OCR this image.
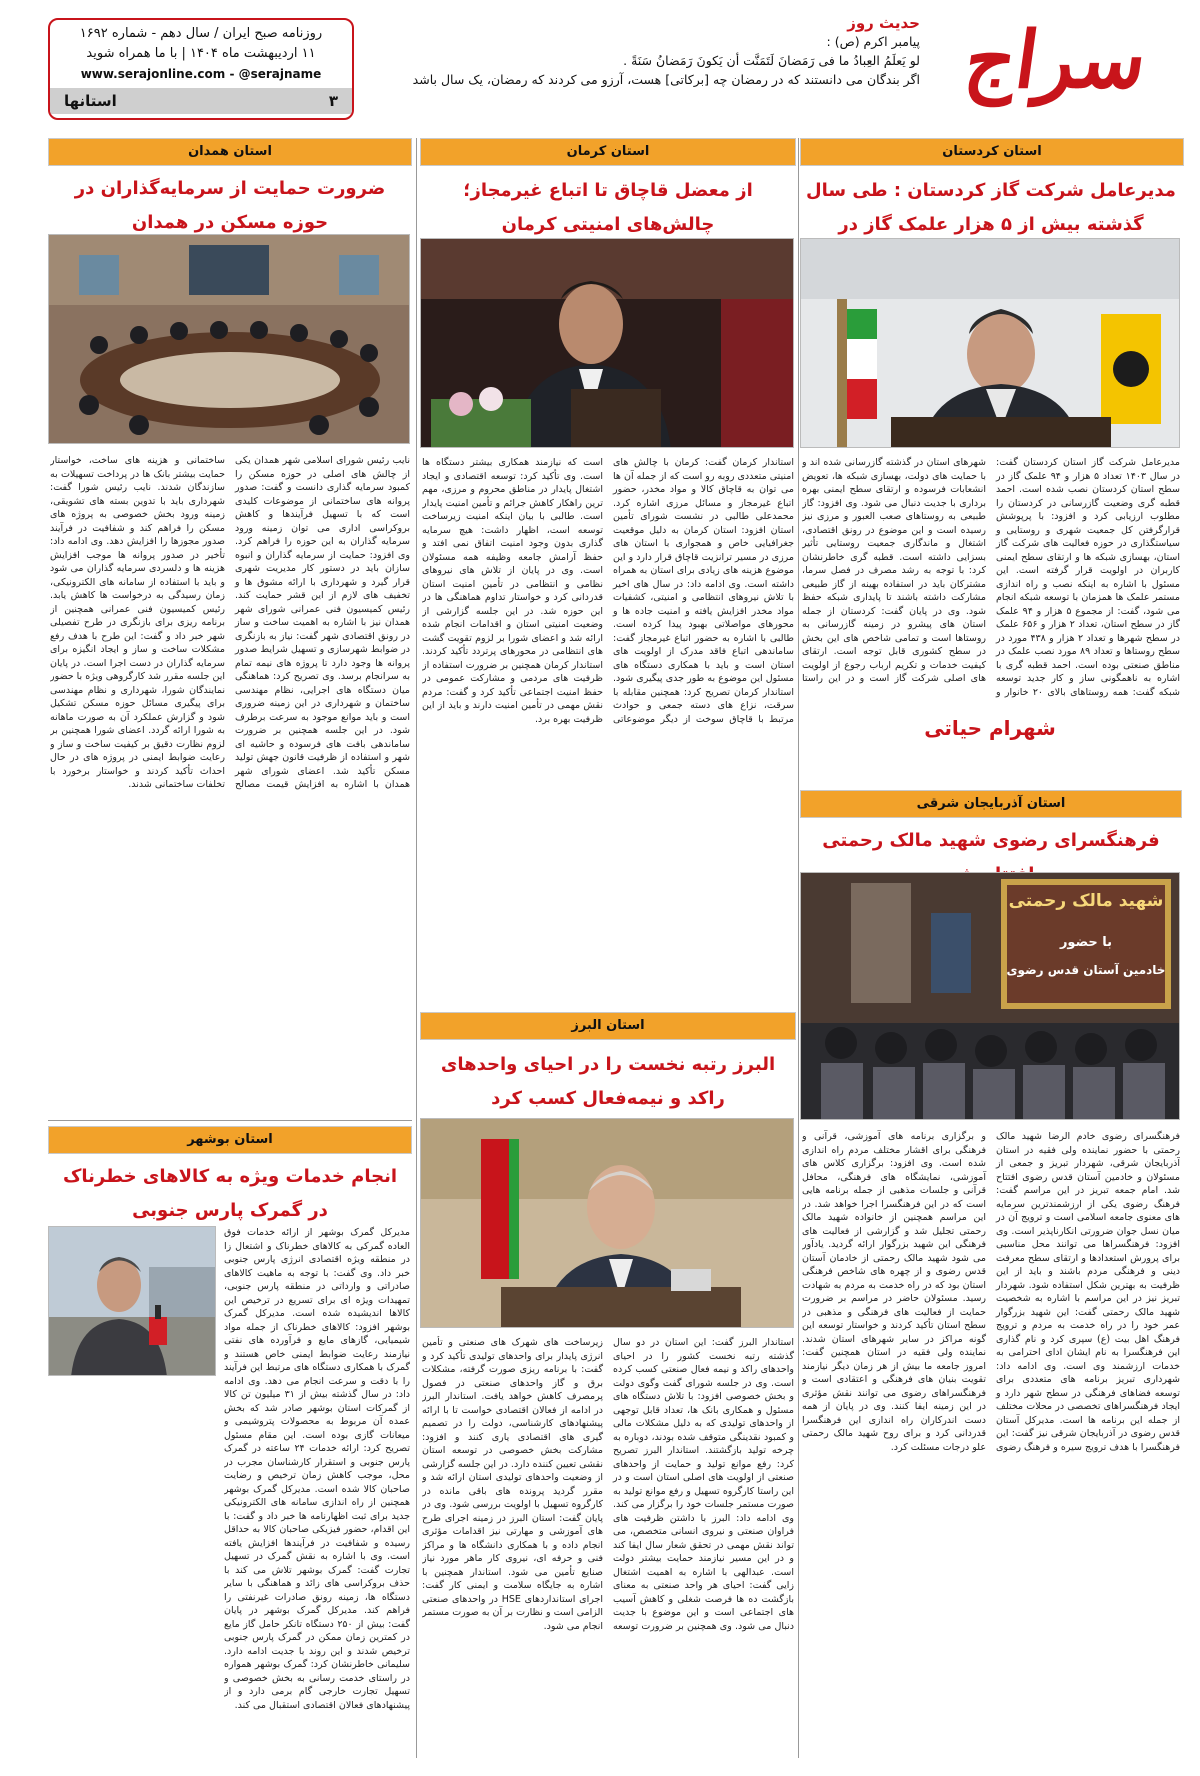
سراج
حدیث روز
پیامبر اکرم (ص) :
لو یَعلَمُ العِبادُ ما فی رَمَضانَ لَتَمَنَّت أن یَکونَ رَمَضانُ سَنَةً .
اگر بندگان می دانستند که در رمضان چه [برکاتی] هست، آرزو می کردند که رمضان، یک سال باشد
روزنامه صبح ایران / سال دهم - شماره ۱۶۹۲
۱۱ اردیبهشت ماه ۱۴۰۴ | با ما همراه شوید
www.serajonline.com - @serajname
استانها	۳
استان کردستان
مدیرعامل شرکت گاز کردستان : طی سال گذشته بیش از ۵ هزار علمک گاز در
مدیرعامل شرکت گاز استان کردستان گفت: در سال ۱۴۰۳ تعداد ۵ هزار و ۹۴ علمک گاز در سطح استان کردستان نصب شده است. احمد قطبه گری وضعیت گازرسانی در کردستان را مطلوب ارزیابی کرد و افزود: با پرپوشش قرارگرفتن کل جمعیت شهری و روستایی و سیاستگذاری در حوزه فعالیت های شرکت گاز استان، بهسازی شبکه ها و ارتقای سطح ایمنی کاربران در اولویت قرار گرفته است. این مسئول با اشاره به اینکه نصب و راه اندازی مستمر علمک ها همزمان با توسعه شبکه انجام می شود، گفت: از مجموع ۵ هزار و ۹۴ علمک گاز در سطح استان، تعداد ۲ هزار و ۶۵۶ علمک در سطح شهرها و تعداد ۲ هزار و ۴۳۸ مورد در سطح روستاها و تعداد ۸۹ مورد نصب علمک در مناطق صنعتی بوده است. احمد قطبه گری با اشاره به ناهمگونی ساز و کار جدید توسعه شبکه گفت: همه روستاهای بالای ۲۰ خانوار و شهرهای استان در گذشته گازرسانی شده اند و با حمایت های دولت، بهسازی شبکه ها، تعویض انشعابات فرسوده و ارتقای سطح ایمنی بهره برداری با جدیت دنبال می شود. وی افزود: گاز طبیعی به روستاهای صعب العبور و مرزی نیز رسیده است و این موضوع در رونق اقتصادی، اشتغال و ماندگاری جمعیت روستایی تأثیر بسزایی داشته است. قطبه گری خاطرنشان کرد: با توجه به رشد مصرف در فصل سرما، مشترکان باید در استفاده بهینه از گاز طبیعی مشارکت داشته باشند تا پایداری شبکه حفظ شود. وی در پایان گفت: کردستان از جمله استان های پیشرو در زمینه گازرسانی به روستاها است و تمامی شاخص های این بخش در سطح کشوری قابل توجه است. ارتقای کیفیت خدمات و تکریم ارباب رجوع از اولویت های اصلی شرکت گاز است و در این راستا
شهرام حیاتی
استان آذربایجان شرقی
فرهنگسرای رضوی شهید مالک رحمتی
شهید مالک رحمتی
با حضور
خادمین آستان قدس رضوی
فرهنگسرای رضوی خادم الرضا شهید مالک رحمتی با حضور نماینده ولی فقیه در استان آذربایجان شرقی، شهردار تبریز و جمعی از مسئولان و خادمین آستان قدس رضوی افتتاح شد. امام جمعه تبریز در این مراسم گفت: فرهنگ رضوی یکی از ارزشمندترین سرمایه های معنوی جامعه اسلامی است و ترویج آن در میان نسل جوان ضرورتی انکارناپذیر است. وی افزود: فرهنگسراها می توانند محل مناسبی برای پرورش استعدادها و ارتقای سطح معرفت دینی و فرهنگی مردم باشند و باید از این ظرفیت به بهترین شکل استفاده شود. شهردار تبریز نیز در این مراسم با اشاره به شخصیت شهید مالک رحمتی گفت: این شهید بزرگوار عمر خود را در راه خدمت به مردم و ترویج فرهنگ اهل بیت (ع) سپری کرد و نام گذاری این فرهنگسرا به نام ایشان ادای احترامی به خدمات ارزشمند وی است. وی ادامه داد: شهرداری تبریز برنامه های متعددی برای توسعه فضاهای فرهنگی در سطح شهر دارد و ایجاد فرهنگسراهای تخصصی در محلات مختلف از جمله این برنامه ها است. مدیرکل آستان قدس رضوی در آذربایجان شرقی نیز گفت: این فرهنگسرا با هدف ترویج سیره و فرهنگ رضوی و برگزاری برنامه های آموزشی، قرآنی و فرهنگی برای اقشار مختلف مردم راه اندازی شده است. وی افزود: برگزاری کلاس های آموزشی، نمایشگاه های فرهنگی، محافل قرآنی و جلسات مذهبی از جمله برنامه هایی است که در این فرهنگسرا اجرا خواهد شد. در این مراسم همچنین از خانواده شهید مالک رحمتی تجلیل شد و گزارشی از فعالیت های فرهنگی این شهید بزرگوار ارائه گردید. یادآور می شود شهید مالک رحمتی از خادمان آستان قدس رضوی و از چهره های شاخص فرهنگی استان بود که در راه خدمت به مردم به شهادت رسید. مسئولان حاضر در مراسم بر ضرورت حمایت از فعالیت های فرهنگی و مذهبی در سطح استان تأکید کردند و خواستار توسعه این گونه مراکز در سایر شهرهای استان شدند. نماینده ولی فقیه در استان همچنین گفت: امروز جامعه ما بیش از هر زمان دیگر نیازمند تقویت بنیان های فرهنگی و اعتقادی است و فرهنگسراهای رضوی می توانند نقش مؤثری در این زمینه ایفا کنند. وی در پایان از همه دست اندرکاران راه اندازی این فرهنگسرا قدردانی کرد و برای روح شهید مالک رحمتی علو درجات مسئلت کرد.
استان کرمان
از معضل قاچاق تا اتباع غیرمجاز؛ چالش‌های امنیتی کرمان
استاندار کرمان گفت: کرمان با چالش های امنیتی متعددی روبه رو است که از جمله آن ها می توان به قاچاق کالا و مواد مخدر، حضور اتباع غیرمجاز و مسائل مرزی اشاره کرد. محمدعلی طالبی در نشست شورای تأمین استان افزود: استان کرمان به دلیل موقعیت جغرافیایی خاص و همجواری با استان های مرزی در مسیر ترانزیت قاچاق قرار دارد و این موضوع هزینه های زیادی برای استان به همراه داشته است. وی ادامه داد: در سال های اخیر با تلاش نیروهای انتظامی و امنیتی، کشفیات مواد مخدر افزایش یافته و امنیت جاده ها و محورهای مواصلاتی بهبود پیدا کرده است. طالبی با اشاره به حضور اتباع غیرمجاز گفت: ساماندهی اتباع فاقد مدرک از اولویت های استان است و باید با همکاری دستگاه های مسئول این موضوع به طور جدی پیگیری شود. استاندار کرمان تصریح کرد: همچنین مقابله با سرقت، نزاع های دسته جمعی و حوادث مرتبط با قاچاق سوخت از دیگر موضوعاتی است که نیازمند همکاری بیشتر دستگاه ها است. وی تأکید کرد: توسعه اقتصادی و ایجاد اشتغال پایدار در مناطق محروم و مرزی، مهم ترین راهکار کاهش جرائم و تأمین امنیت پایدار است. طالبی با بیان اینکه امنیت زیرساخت توسعه است، اظهار داشت: هیچ سرمایه گذاری بدون وجود امنیت اتفاق نمی افتد و حفظ آرامش جامعه وظیفه همه مسئولان است. وی در پایان از تلاش های نیروهای نظامی و انتظامی در تأمین امنیت استان قدردانی کرد و خواستار تداوم هماهنگی ها در این حوزه شد. در این جلسه گزارشی از وضعیت امنیتی استان و اقدامات انجام شده ارائه شد و اعضای شورا بر لزوم تقویت گشت های انتظامی در محورهای پرتردد تأکید کردند. استاندار کرمان همچنین بر ضرورت استفاده از ظرفیت های مردمی و مشارکت عمومی در حفظ امنیت اجتماعی تأکید کرد و گفت: مردم نقش مهمی در تأمین امنیت دارند و باید از این ظرفیت بهره برد.
استان البرز
البرز رتبه نخست را در احیای واحدهای راکد و نیمه‌فعال کسب کرد
استاندار البرز گفت: این استان در دو سال گذشته رتبه نخست کشور را در احیای واحدهای راکد و نیمه فعال صنعتی کسب کرده است. وی در جلسه شورای گفت وگوی دولت و بخش خصوصی افزود: با تلاش دستگاه های مسئول و همکاری بانک ها، تعداد قابل توجهی از واحدهای تولیدی که به دلیل مشکلات مالی و کمبود نقدینگی متوقف شده بودند، دوباره به چرخه تولید بازگشتند. استاندار البرز تصریح کرد: رفع موانع تولید و حمایت از واحدهای صنعتی از اولویت های اصلی استان است و در این راستا کارگروه تسهیل و رفع موانع تولید به صورت مستمر جلسات خود را برگزار می کند. وی ادامه داد: البرز با داشتن ظرفیت های فراوان صنعتی و نیروی انسانی متخصص، می تواند نقش مهمی در تحقق شعار سال ایفا کند و در این مسیر نیازمند حمایت بیشتر دولت است. عبدالهی با اشاره به اهمیت اشتغال زایی گفت: احیای هر واحد صنعتی به معنای بازگشت ده ها فرصت شغلی و کاهش آسیب های اجتماعی است و این موضوع با جدیت دنبال می شود. وی همچنین بر ضرورت توسعه زیرساخت های شهرک های صنعتی و تأمین انرژی پایدار برای واحدهای تولیدی تأکید کرد و گفت: با برنامه ریزی صورت گرفته، مشکلات برق و گاز واحدهای صنعتی در فصول پرمصرف کاهش خواهد یافت. استاندار البرز در ادامه از فعالان اقتصادی خواست تا با ارائه پیشنهادهای کارشناسی، دولت را در تصمیم گیری های اقتصادی یاری کنند و افزود: مشارکت بخش خصوصی در توسعه استان نقشی تعیین کننده دارد. در این جلسه گزارشی از وضعیت واحدهای تولیدی استان ارائه شد و مقرر گردید پرونده های باقی مانده در کارگروه تسهیل با اولویت بررسی شود. وی در پایان گفت: استان البرز در زمینه اجرای طرح های آموزشی و مهارتی نیز اقدامات مؤثری انجام داده و با همکاری دانشگاه ها و مراکز فنی و حرفه ای، نیروی کار ماهر مورد نیاز صنایع تأمین می شود. استاندار همچنین با اشاره به جایگاه سلامت و ایمنی کار گفت: اجرای استانداردهای HSE در واحدهای صنعتی الزامی است و نظارت بر آن به صورت مستمر انجام می شود.
استان همدان
ضرورت حمایت از سرمایه‌گذاران در حوزه مسکن در همدان
نایب رئیس شورای اسلامی شهر همدان یکی از چالش های اصلی در حوزه مسکن را کمبود سرمایه گذاری دانست و گفت: صدور پروانه های ساختمانی از موضوعات کلیدی است که با تسهیل فرآیندها و کاهش بروکراسی اداری می توان زمینه ورود سرمایه گذاران به این حوزه را فراهم کرد. وی افزود: حمایت از سرمایه گذاران و انبوه سازان باید در دستور کار مدیریت شهری قرار گیرد و شهرداری با ارائه مشوق ها و تخفیف های لازم از این قشر حمایت کند. رئیس کمیسیون فنی عمرانی شورای شهر همدان نیز با اشاره به اهمیت ساخت و ساز در رونق اقتصادی شهر گفت: نیاز به بازنگری در ضوابط شهرسازی و تسهیل شرایط صدور پروانه ها وجود دارد تا پروژه های نیمه تمام به سرانجام برسد. وی تصریح کرد: هماهنگی میان دستگاه های اجرایی، نظام مهندسی ساختمان و شهرداری در این زمینه ضروری است و باید موانع موجود به سرعت برطرف شود. در این جلسه همچنین بر ضرورت ساماندهی بافت های فرسوده و حاشیه ای شهر و استفاده از ظرفیت قانون جهش تولید مسکن تأکید شد. اعضای شورای شهر همدان با اشاره به افزایش قیمت مصالح ساختمانی و هزینه های ساخت، خواستار حمایت بیشتر بانک ها در پرداخت تسهیلات به سازندگان شدند. نایب رئیس شورا گفت: شهرداری باید با تدوین بسته های تشویقی، زمینه ورود بخش خصوصی به پروژه های مسکن را فراهم کند و شفافیت در فرآیند صدور مجوزها را افزایش دهد. وی ادامه داد: تأخیر در صدور پروانه ها موجب افزایش هزینه ها و دلسردی سرمایه گذاران می شود و باید با استفاده از سامانه های الکترونیکی، زمان رسیدگی به درخواست ها کاهش یابد. رئیس کمیسیون فنی عمرانی همچنین از برنامه ریزی برای بازنگری در طرح تفصیلی شهر خبر داد و گفت: این طرح با هدف رفع مشکلات ساخت و ساز و ایجاد انگیزه برای سرمایه گذاران در دست اجرا است. در پایان این جلسه مقرر شد کارگروهی ویژه با حضور نمایندگان شورا، شهرداری و نظام مهندسی برای پیگیری مسائل حوزه مسکن تشکیل شود و گزارش عملکرد آن به صورت ماهانه به شورا ارائه گردد. اعضای شورا همچنین بر لزوم نظارت دقیق بر کیفیت ساخت و ساز و رعایت ضوابط ایمنی در پروژه های در حال احداث تأکید کردند و خواستار برخورد با تخلفات ساختمانی شدند.
استان بوشهر
انجام خدمات ویژه به کالاهای خطرناک در گمرک پارس جنوبی
مدیرکل گمرک بوشهر از ارائه خدمات فوق العاده گمرکی به کالاهای خطرناک و اشتعال زا در منطقه ویژه اقتصادی انرژی پارس جنوبی خبر داد. وی گفت: با توجه به ماهیت کالاهای صادراتی و وارداتی در منطقه پارس جنوبی، تمهیدات ویژه ای برای تسریع در ترخیص این کالاها اندیشیده شده است. مدیرکل گمرک بوشهر افزود: کالاهای خطرناک از جمله مواد شیمیایی، گازهای مایع و فرآورده های نفتی نیازمند رعایت ضوابط ایمنی خاص هستند و گمرک با همکاری دستگاه های مرتبط این فرآیند را با دقت و سرعت انجام می دهد. وی ادامه داد: در سال گذشته بیش از ۳۱ میلیون تن کالا از گمرکات استان بوشهر صادر شد که بخش عمده آن مربوط به محصولات پتروشیمی و میعانات گازی بوده است. این مقام مسئول تصریح کرد: ارائه خدمات ۲۴ ساعته در گمرک پارس جنوبی و استقرار کارشناسان مجرب در محل، موجب کاهش زمان ترخیص و رضایت صاحبان کالا شده است. مدیرکل گمرک بوشهر همچنین از راه اندازی سامانه های الکترونیکی جدید برای ثبت اظهارنامه ها خبر داد و گفت: با این اقدام، حضور فیزیکی صاحبان کالا به حداقل رسیده و شفافیت در فرآیندها افزایش یافته است. وی با اشاره به نقش گمرک در تسهیل تجارت گفت: گمرک بوشهر تلاش می کند با حذف بروکراسی های زائد و هماهنگی با سایر دستگاه ها، زمینه رونق صادرات غیرنفتی را فراهم کند. مدیرکل گمرک بوشهر در پایان گفت: بیش از ۲۵۰ دستگاه تانکر حامل گاز مایع در کمترین زمان ممکن در گمرک پارس جنوبی ترخیص شدند و این روند با جدیت ادامه دارد. سلیمانی خاطرنشان کرد: گمرک بوشهر همواره در راستای خدمت رسانی به بخش خصوصی و تسهیل تجارت خارجی گام برمی دارد و از پیشنهادهای فعالان اقتصادی استقبال می کند.
